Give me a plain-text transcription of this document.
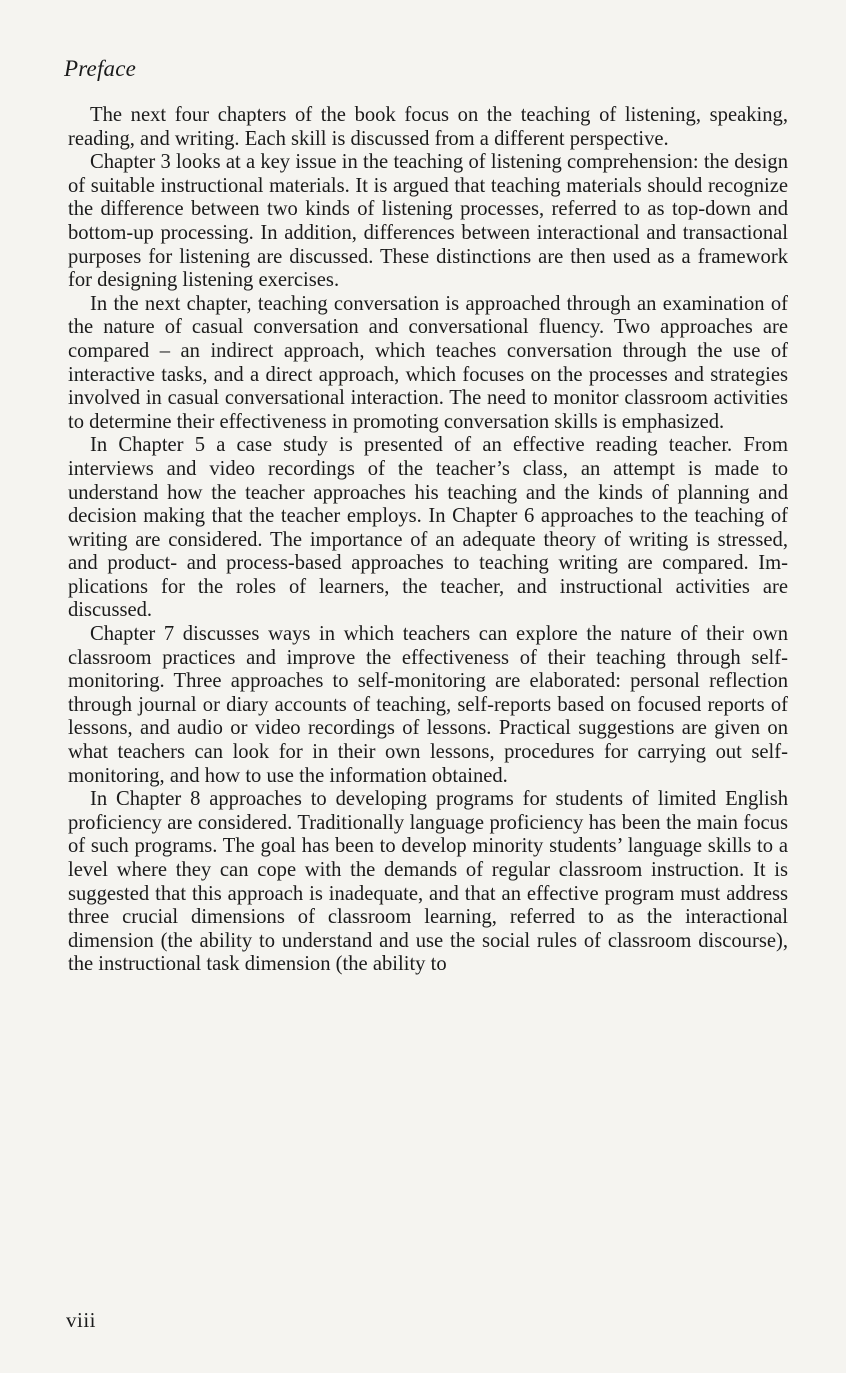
Preface

The next four chapters of the book focus on the teaching of listening, speaking, reading, and writing. Each skill is discussed from a different perspective.

Chapter 3 looks at a key issue in the teaching of listening comprehension: the design of suitable instructional materials. It is argued that teaching materials should recognize the difference between two kinds of listening processes, referred to as top-down and bottom-up processing. In addition, differences between interactional and transactional purposes for listening are discussed. These distinctions are then used as a framework for designing listening exercises.

In the next chapter, teaching conversation is approached through an examination of the nature of casual conversation and conversational fluency. Two approaches are compared – an indirect approach, which teaches conversation through the use of interactive tasks, and a direct approach, which focuses on the processes and strategies involved in casual conversational interaction. The need to monitor classroom activities to determine their effectiveness in promoting conversation skills is emphasized.

In Chapter 5 a case study is presented of an effective reading teacher. From interviews and video recordings of the teacher’s class, an attempt is made to understand how the teacher approaches his teaching and the kinds of planning and decision making that the teacher employs. In Chapter 6 approaches to the teaching of writing are considered. The importance of an adequate theory of writing is stressed, and product- and process-based approaches to teaching writing are compared. Implications for the roles of learners, the teacher, and instructional activities are discussed.

Chapter 7 discusses ways in which teachers can explore the nature of their own classroom practices and improve the effectiveness of their teaching through self-monitoring. Three approaches to self-monitoring are elaborated: personal reflection through journal or diary accounts of teaching, self-reports based on focused reports of lessons, and audio or video recordings of lessons. Practical suggestions are given on what teachers can look for in their own lessons, procedures for carrying out self-monitoring, and how to use the information obtained.

In Chapter 8 approaches to developing programs for students of limited English proficiency are considered. Traditionally language proficiency has been the main focus of such programs. The goal has been to develop minority students’ language skills to a level where they can cope with the demands of regular classroom instruction. It is suggested that this approach is inadequate, and that an effective program must address three crucial dimensions of classroom learning, referred to as the interactional dimension (the ability to understand and use the social rules of classroom discourse), the instructional task dimension (the ability to

viii
